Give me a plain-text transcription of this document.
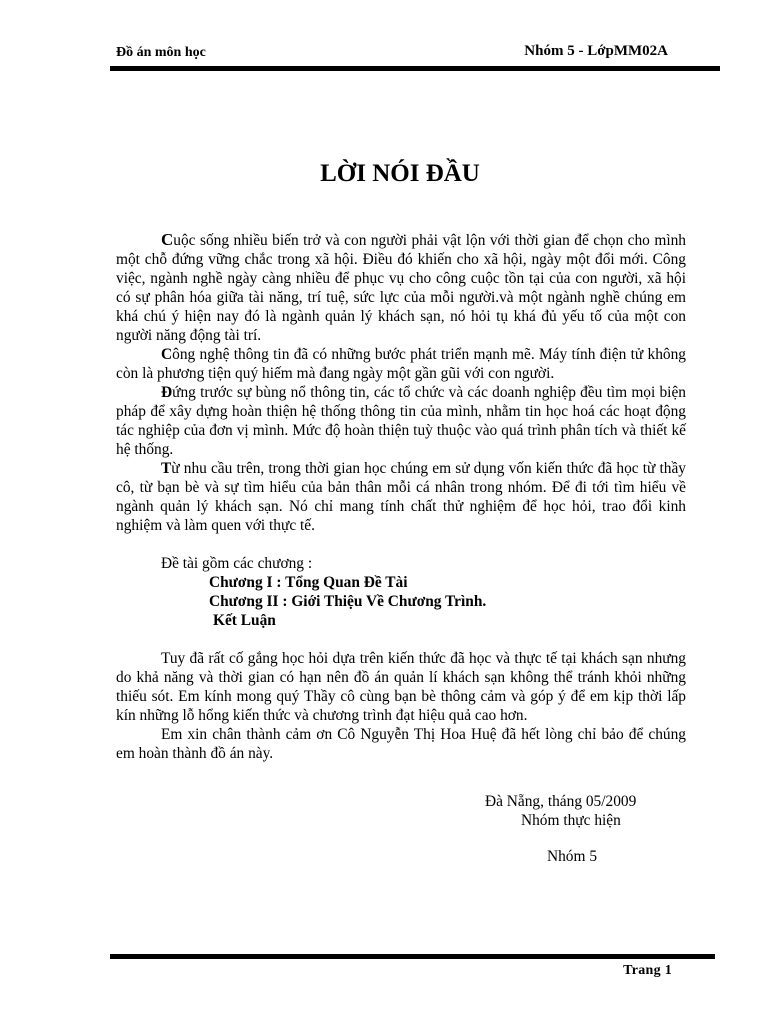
Đồ án môn học	Nhóm 5 - LớpMM02A
LỜI NÓI ĐẦU

Cuộc sống nhiều biến trở và con người phải vật lộn với thời gian để chọn cho mình một chỗ đứng vững chắc trong xã hội. Điều đó khiến cho xã hội, ngày một đổi mới. Công việc, ngành nghề ngày càng nhiều để phục vụ cho công cuộc tồn tại của con người, xã hội có sự phân hóa giữa tài năng, trí tuệ, sức lực của mỗi người.và một ngành nghề chúng em khá chú ý hiện nay đó là ngành quản lý khách sạn, nó hỏi tụ khá đủ yếu tố của một con người năng động tài trí.

Công nghệ thông tin đã có những bước phát triển mạnh mẽ. Máy tính điện tử không còn là phương tiện quý hiếm mà đang ngày một gần gũi với con người.

Đứng trước sự bùng nổ thông tin, các tổ chức và các doanh nghiệp đều tìm mọi biện pháp để xây dựng hoàn thiện hệ thống thông tin của mình, nhằm tin học hoá các hoạt động tác nghiệp của đơn vị mình. Mức độ hoàn thiện tuỳ thuộc vào quá trình phân tích và thiết kế hệ thống.

Từ nhu cầu trên, trong thời gian học chúng em sử dụng vốn kiến thức đã học từ thầy cô, từ bạn bè và sự tìm hiểu của bản thân mỗi cá nhân trong nhóm. Để đi tới tìm hiểu về ngành quản lý khách sạn. Nó chỉ mang tính chất thử nghiệm để học hỏi, trao đổi kinh nghiệm và làm quen với thực tế.

Đề tài gồm các chương :

Chương I : Tổng Quan Đề Tài

Chương II : Giới Thiệu Về Chương Trình.

Kết Luận

Tuy đã rất cố gắng học hỏi dựa trên kiến thức đã học và thực tế tại khách sạn nhưng do khả năng và thời gian có hạn nên đồ án quản lí khách sạn không thể tránh khỏi những thiếu sót. Em kính mong quý Thầy cô cùng bạn bè thông cảm và góp ý để em kịp thời lấp kín những lỗ hổng kiến thức và chương trình đạt hiệu quả cao hơn.

Em xin chân thành cảm ơn Cô Nguyễn Thị Hoa Huệ đã hết lòng chỉ bảo để chúng em hoàn thành đồ án này.

Đà Nẵng, tháng 05/2009
Nhóm thực hiện
Nhóm 5
Trang 1
